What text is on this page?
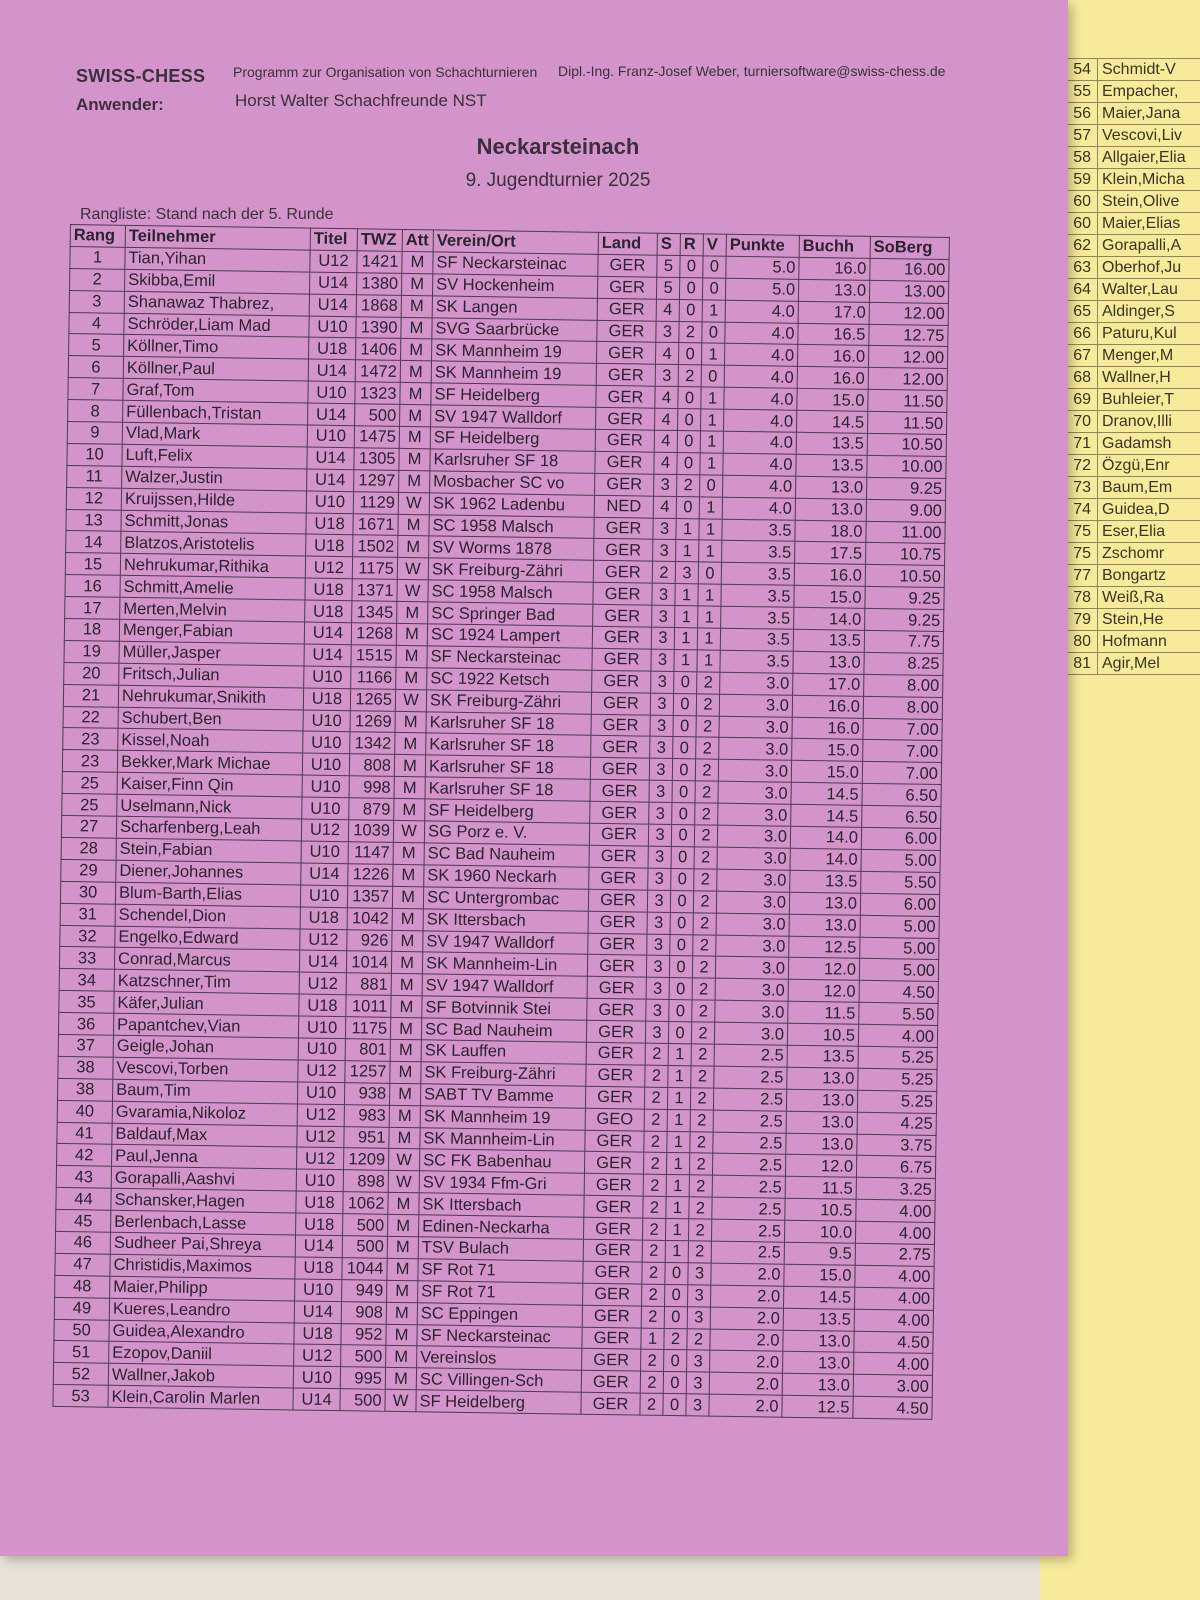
54	Schmidt-V
55	Empacher,
56	Maier,Jana
57	Vescovi,Liv
58	Allgaier,Elia
59	Klein,Micha
60	Stein,Olive
60	Maier,Elias
62	Gorapalli,A
63	Oberhof,Ju
64	Walter,Lau
65	Aldinger,S
66	Paturu,Kul
67	Menger,M
68	Wallner,H
69	Buhleier,T
70	Dranov,Illi
71	Gadamsh
72	Özgü,Enr
73	Baum,Em
74	Guidea,D
75	Eser,Elia
75	Zschomr
77	Bongartz
78	Weiß,Ra
79	Stein,He
80	Hofmann
81	Agir,Mel
SWISS-CHESS Programm zur Organisation von Schachturnieren Dipl.-Ing. Franz-Josef Weber, turniersoftware@swiss-chess.de
Anwender:	Horst Walter Schachfreunde NST
Neckarsteinach
9. Jugendturnier 2025
Rangliste: Stand nach der 5. Runde
Rang	Teilnehmer	Titel	TWZ	Att	Verein/Ort	Land	S	R	V	Punkte	Buchh	SoBerg
1	Tian,Yihan	U12	1421	M	SF Neckarsteinac	GER	5	0	0	5.0	16.0	16.00
2	Skibba,Emil	U14	1380	M	SV Hockenheim	GER	5	0	0	5.0	13.0	13.00
3	Shanawaz Thabrez,	U14	1868	M	SK Langen	GER	4	0	1	4.0	17.0	12.00
4	Schröder,Liam Mad	U10	1390	M	SVG Saarbrücke	GER	3	2	0	4.0	16.5	12.75
5	Köllner,Timo	U18	1406	M	SK Mannheim 19	GER	4	0	1	4.0	16.0	12.00
6	Köllner,Paul	U14	1472	M	SK Mannheim 19	GER	3	2	0	4.0	16.0	12.00
7	Graf,Tom	U10	1323	M	SF Heidelberg	GER	4	0	1	4.0	15.0	11.50
8	Füllenbach,Tristan	U14	500	M	SV 1947 Walldorf	GER	4	0	1	4.0	14.5	11.50
9	Vlad,Mark	U10	1475	M	SF Heidelberg	GER	4	0	1	4.0	13.5	10.50
10	Luft,Felix	U14	1305	M	Karlsruher SF 18	GER	4	0	1	4.0	13.5	10.00
11	Walzer,Justin	U14	1297	M	Mosbacher SC vo	GER	3	2	0	4.0	13.0	9.25
12	Kruijssen,Hilde	U10	1129	W	SK 1962 Ladenbu	NED	4	0	1	4.0	13.0	9.00
13	Schmitt,Jonas	U18	1671	M	SC 1958 Malsch	GER	3	1	1	3.5	18.0	11.00
14	Blatzos,Aristotelis	U18	1502	M	SV Worms 1878	GER	3	1	1	3.5	17.5	10.75
15	Nehrukumar,Rithika	U12	1175	W	SK Freiburg-Zähri	GER	2	3	0	3.5	16.0	10.50
16	Schmitt,Amelie	U18	1371	W	SC 1958 Malsch	GER	3	1	1	3.5	15.0	9.25
17	Merten,Melvin	U18	1345	M	SC Springer Bad	GER	3	1	1	3.5	14.0	9.25
18	Menger,Fabian	U14	1268	M	SC 1924 Lampert	GER	3	1	1	3.5	13.5	7.75
19	Müller,Jasper	U14	1515	M	SF Neckarsteinac	GER	3	1	1	3.5	13.0	8.25
20	Fritsch,Julian	U10	1166	M	SC 1922 Ketsch	GER	3	0	2	3.0	17.0	8.00
21	Nehrukumar,Snikith	U18	1265	W	SK Freiburg-Zähri	GER	3	0	2	3.0	16.0	8.00
22	Schubert,Ben	U10	1269	M	Karlsruher SF 18	GER	3	0	2	3.0	16.0	7.00
23	Kissel,Noah	U10	1342	M	Karlsruher SF 18	GER	3	0	2	3.0	15.0	7.00
23	Bekker,Mark Michae	U10	808	M	Karlsruher SF 18	GER	3	0	2	3.0	15.0	7.00
25	Kaiser,Finn Qin	U10	998	M	Karlsruher SF 18	GER	3	0	2	3.0	14.5	6.50
25	Uselmann,Nick	U10	879	M	SF Heidelberg	GER	3	0	2	3.0	14.5	6.50
27	Scharfenberg,Leah	U12	1039	W	SG Porz e. V.	GER	3	0	2	3.0	14.0	6.00
28	Stein,Fabian	U10	1147	M	SC Bad Nauheim	GER	3	0	2	3.0	14.0	5.00
29	Diener,Johannes	U14	1226	M	SK 1960 Neckarh	GER	3	0	2	3.0	13.5	5.50
30	Blum-Barth,Elias	U10	1357	M	SC Untergrombac	GER	3	0	2	3.0	13.0	6.00
31	Schendel,Dion	U18	1042	M	SK Ittersbach	GER	3	0	2	3.0	13.0	5.00
32	Engelko,Edward	U12	926	M	SV 1947 Walldorf	GER	3	0	2	3.0	12.5	5.00
33	Conrad,Marcus	U14	1014	M	SK Mannheim-Lin	GER	3	0	2	3.0	12.0	5.00
34	Katzschner,Tim	U12	881	M	SV 1947 Walldorf	GER	3	0	2	3.0	12.0	4.50
35	Käfer,Julian	U18	1011	M	SF Botvinnik Stei	GER	3	0	2	3.0	11.5	5.50
36	Papantchev,Vian	U10	1175	M	SC Bad Nauheim	GER	3	0	2	3.0	10.5	4.00
37	Geigle,Johan	U10	801	M	SK Lauffen	GER	2	1	2	2.5	13.5	5.25
38	Vescovi,Torben	U12	1257	M	SK Freiburg-Zähri	GER	2	1	2	2.5	13.0	5.25
38	Baum,Tim	U10	938	M	SABT TV Bamme	GER	2	1	2	2.5	13.0	5.25
40	Gvaramia,Nikoloz	U12	983	M	SK Mannheim 19	GEO	2	1	2	2.5	13.0	4.25
41	Baldauf,Max	U12	951	M	SK Mannheim-Lin	GER	2	1	2	2.5	13.0	3.75
42	Paul,Jenna	U12	1209	W	SC FK Babenhau	GER	2	1	2	2.5	12.0	6.75
43	Gorapalli,Aashvi	U10	898	W	SV 1934 Ffm-Gri	GER	2	1	2	2.5	11.5	3.25
44	Schansker,Hagen	U18	1062	M	SK Ittersbach	GER	2	1	2	2.5	10.5	4.00
45	Berlenbach,Lasse	U18	500	M	Edinen-Neckarha	GER	2	1	2	2.5	10.0	4.00
46	Sudheer Pai,Shreya	U14	500	M	TSV Bulach	GER	2	1	2	2.5	9.5	2.75
47	Christidis,Maximos	U18	1044	M	SF Rot 71	GER	2	0	3	2.0	15.0	4.00
48	Maier,Philipp	U10	949	M	SF Rot 71	GER	2	0	3	2.0	14.5	4.00
49	Kueres,Leandro	U14	908	M	SC Eppingen	GER	2	0	3	2.0	13.5	4.00
50	Guidea,Alexandro	U18	952	M	SF Neckarsteinac	GER	1	2	2	2.0	13.0	4.50
51	Ezopov,Daniil	U12	500	M	Vereinslos	GER	2	0	3	2.0	13.0	4.00
52	Wallner,Jakob	U10	995	M	SC Villingen-Sch	GER	2	0	3	2.0	13.0	3.00
53	Klein,Carolin Marlen	U14	500	W	SF Heidelberg	GER	2	0	3	2.0	12.5	4.50
